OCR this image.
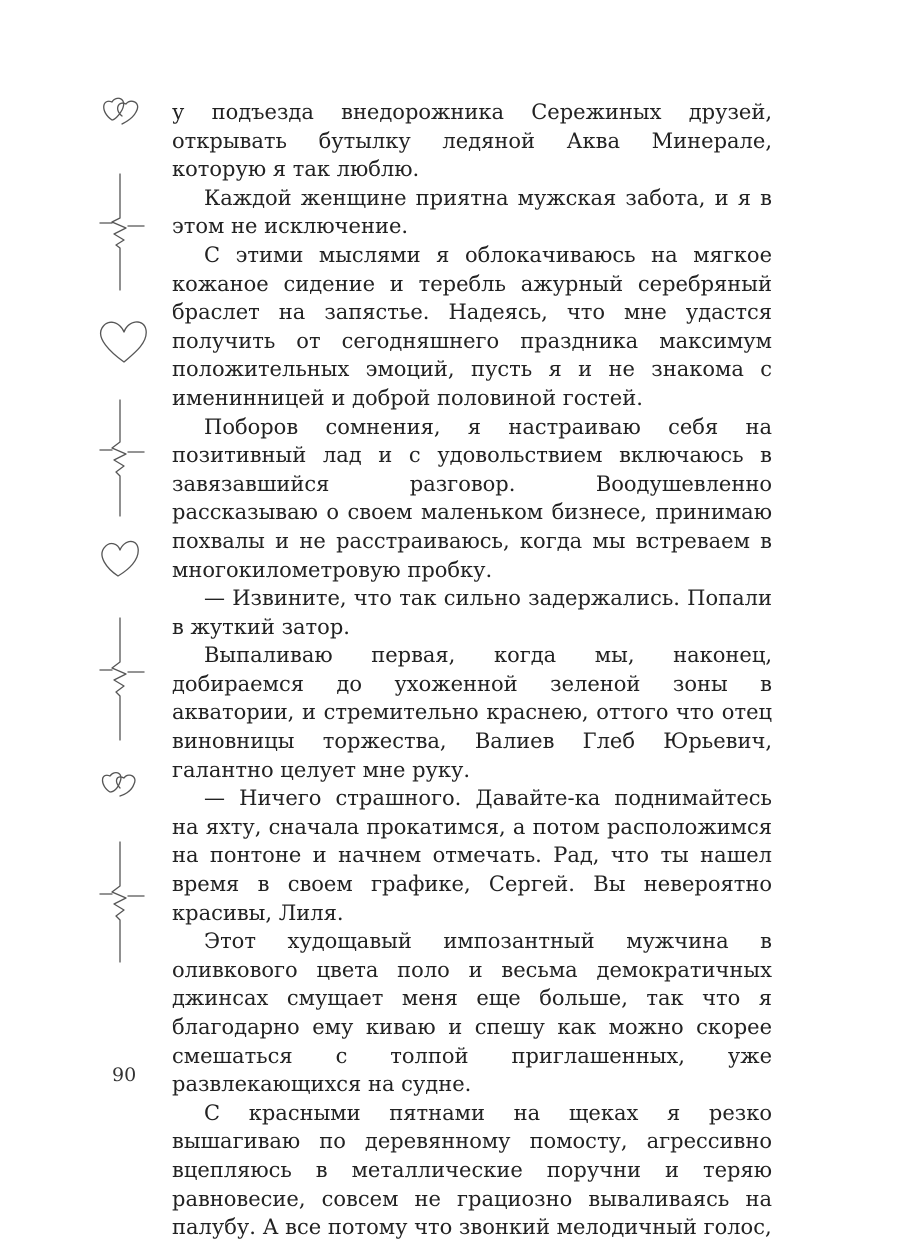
у подъезда внедорожника Сережиных друзей, открывать бутылку ледяной Аква Минерале, которую я так люблю.

Каждой женщине приятна мужская забота, и я в этом не исключение.

С этими мыслями я облокачиваюсь на мягкое кожаное сидение и теребль ажурный серебряный браслет на запястье. Надеясь, что мне удастся получить от сегодняшнего праздника максимум положительных эмоций, пусть я и не знакома с именинницей и доброй половиной гостей.

Поборов сомнения, я настраиваю себя на позитивный лад и с удовольствием включаюсь в завязавшийся разговор. Воодушевленно рассказываю о своем маленьком бизнесе, принимаю похвалы и не расстраиваюсь, когда мы встреваем в многокилометровую пробку.

— Извините, что так сильно задержались. Попали в жуткий затор.

Выпаливаю первая, когда мы, наконец, добираемся до ухоженной зеленой зоны в акватории, и стремительно краснею, оттого что отец виновницы торжества, Валиев Глеб Юрьевич, галантно целует мне руку.

— Ничего страшного. Давайте-ка поднимайтесь на яхту, сначала прокатимся, а потом расположимся на понтоне и начнем отмечать. Рад, что ты нашел время в своем графике, Сергей. Вы невероятно красивы, Лиля.

Этот худощавый импозантный мужчина в оливкового цвета поло и весьма демократичных джинсах смущает меня еще больше, так что я благодарно ему киваю и спешу как можно скорее смешаться с толпой приглашенных, уже развлекающихся на судне.

С красными пятнами на щеках я резко вышагиваю по деревянному помосту, агрессивно вцепляюсь в металлические поручни и теряю равновесие, совсем не грациозно вываливаясь на палубу. А все потому что звонкий мелодичный голос,

90
